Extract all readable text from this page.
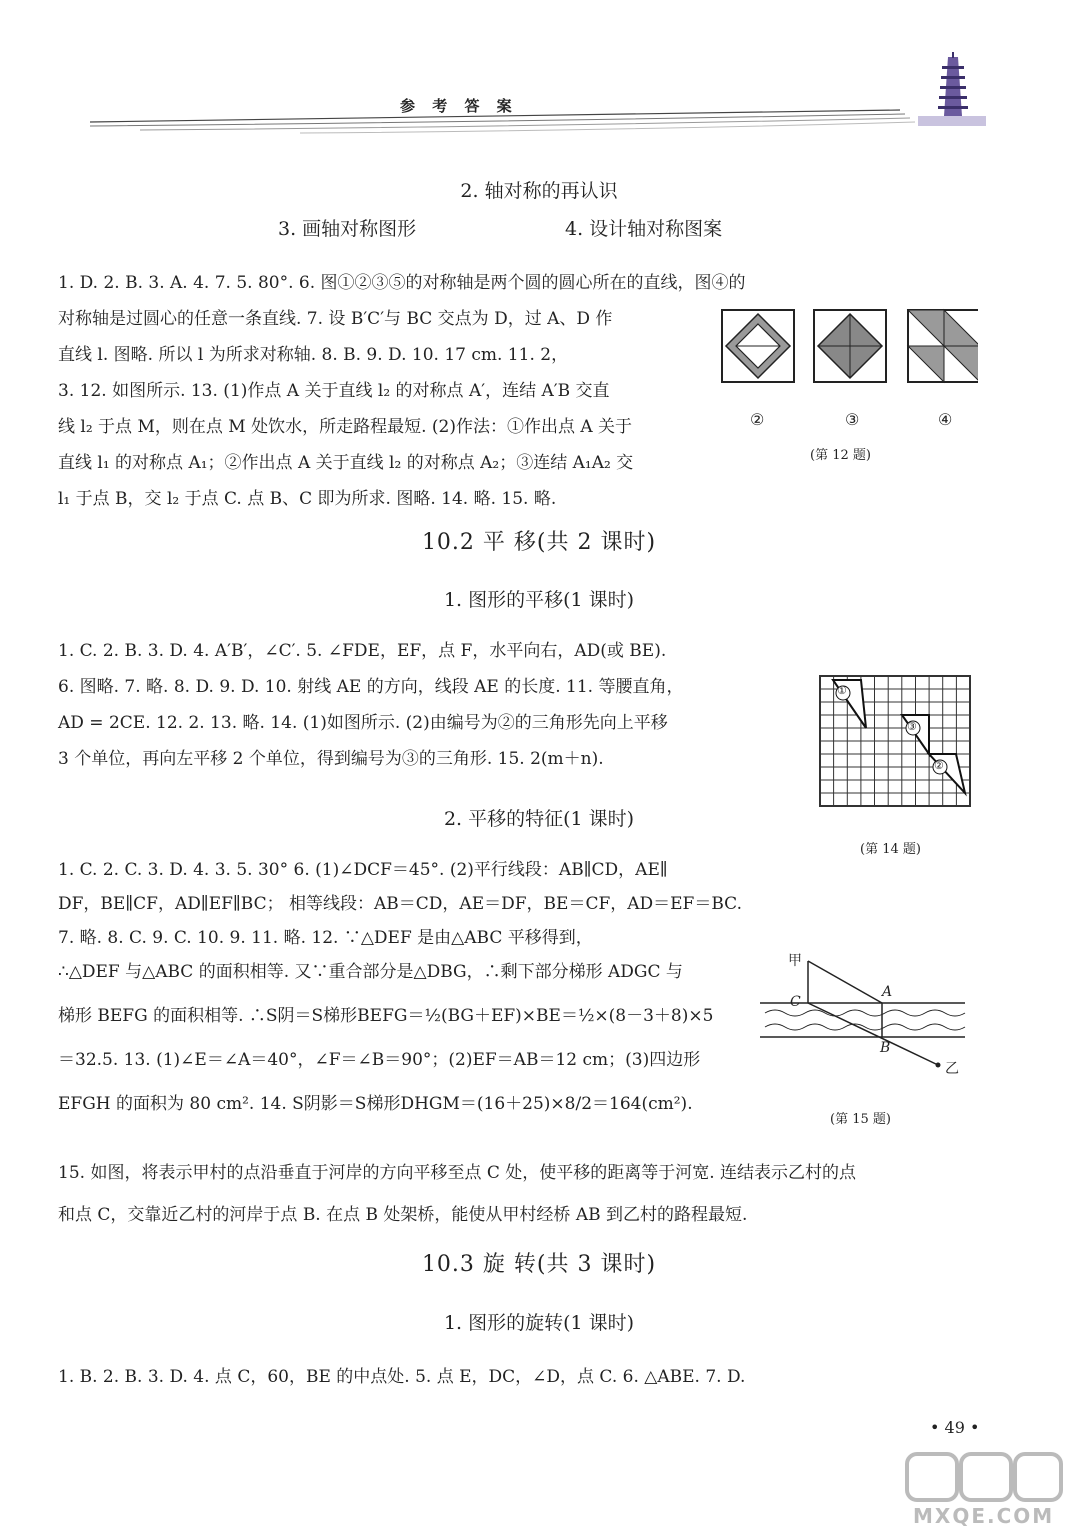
参 考 答 案
2. 轴对称的再认识
3. 画轴对称图形	4. 设计轴对称图案
1. D. 2. B. 3. A. 4. 7. 5. 80°. 6. 图①②③⑤的对称轴是两个圆的圆心所在的直线，图④的
对称轴是过圆心的任意一条直线. 7. 设 B′C′与 BC 交点为 D，过 A、D 作
直线 l. 图略. 所以 l 为所求对称轴. 8. B. 9. D. 10. 17 cm. 11. 2，
3. 12. 如图所示. 13. (1)作点 A 关于直线 l₂ 的对称点 A′，连结 A′B 交直
线 l₂ 于点 M，则在点 M 处饮水，所走路程最短. (2)作法：①作出点 A 关于
直线 l₁ 的对称点 A₁；②作出点 A 关于直线 l₂ 的对称点 A₂；③连结 A₁A₂ 交
l₁ 于点 B，交 l₂ 于点 C. 点 B、C 即为所求. 图略. 14. 略. 15. 略.
②	③	④
(第 12 题)
10.2 平 移(共 2 课时)
1. 图形的平移(1 课时)
1. C. 2. B. 3. D. 4. A′B′，∠C′. 5. ∠FDE，EF，点 F，水平向右，AD(或 BE).
6. 图略. 7. 略. 8. D. 9. D. 10. 射线 AE 的方向，线段 AE 的长度. 11. 等腰直角，
AD = 2CE. 12. 2. 13. 略. 14. (1)如图所示. (2)由编号为②的三角形先向上平移
3 个单位，再向左平移 2 个单位，得到编号为③的三角形. 15. 2(m＋n).
①
③
②
(第 14 题)
2. 平移的特征(1 课时)
1. C. 2. C. 3. D. 4. 3. 5. 30° 6. (1)∠DCF＝45°. (2)平行线段：AB∥CD，AE∥
DF，BE∥CF，AD∥EF∥BC； 相等线段：AB＝CD，AE＝DF，BE＝CF，AD＝EF＝BC.
7. 略. 8. C. 9. C. 10. 9. 11. 略. 12. ∵△DEF 是由△ABC 平移得到，
∴△DEF 与△ABC 的面积相等. 又∵重合部分是△DBG，∴剩下部分梯形 ADGC 与
梯形 BEFG 的面积相等. ∴S阴＝S梯形BEFG＝½(BG＋EF)×BE＝½×(8－3＋8)×5
＝32.5. 13. (1)∠E＝∠A＝40°，∠F＝∠B＝90°；(2)EF＝AB＝12 cm；(3)四边形
EFGH 的面积为 80 cm². 14. S阴影＝S梯形DHGM＝(16＋25)×8/2＝164(cm²).
甲
C
A
B
乙
(第 15 题)
15. 如图，将表示甲村的点沿垂直于河岸的方向平移至点 C 处，使平移的距离等于河宽. 连结表示乙村的点
和点 C，交靠近乙村的河岸于点 B. 在点 B 处架桥，能使从甲村经桥 AB 到乙村的路程最短.
10.3 旋 转(共 3 课时)
1. 图形的旋转(1 课时)
1. B. 2. B. 3. D. 4. 点 C，60，BE 的中点处. 5. 点 E，DC，∠D，点 C. 6. △ABE. 7. D.
• 49 •
MXQE.COM
